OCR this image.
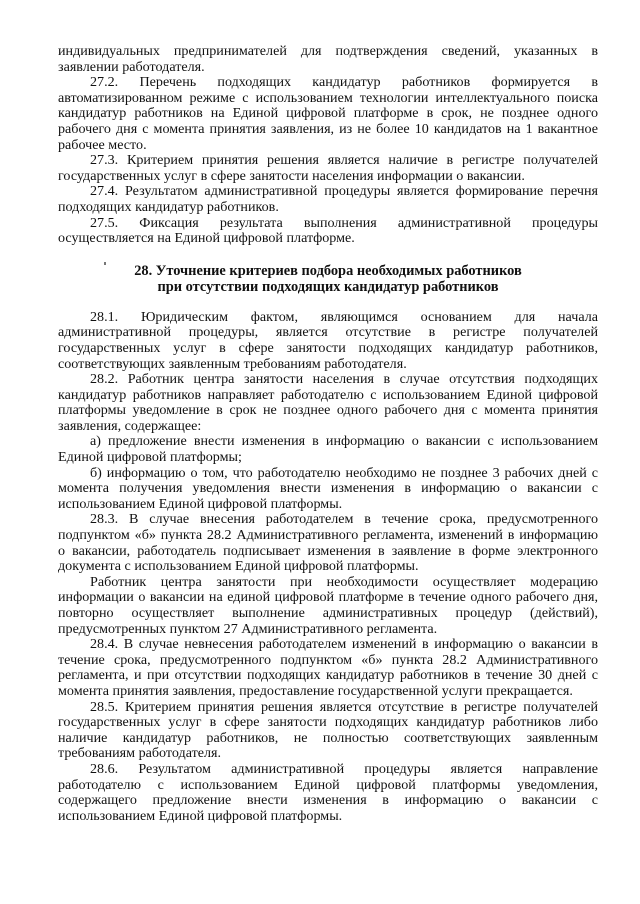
индивидуальных предпринимателей для подтверждения сведений, указанных в заявлении работодателя.

27.2. Перечень подходящих кандидатур работников формируется в автоматизированном режиме с использованием технологии интеллектуального поиска кандидатур работников на Единой цифровой платформе в срок, не позднее одного рабочего дня с момента принятия заявления, из не более 10 кандидатов на 1 вакантное рабочее место.

27.3. Критерием принятия решения является наличие в регистре получателей государственных услуг в сфере занятости населения информации о вакансии.

27.4. Результатом административной процедуры является формирование перечня подходящих кандидатур работников.

27.5. Фиксация результата выполнения административной процедуры осуществляется на Единой цифровой платформе.

28. Уточнение критериев подбора необходимых работников
при отсутствии подходящих кандидатур работников

28.1. Юридическим фактом, являющимся основанием для начала административной процедуры, является отсутствие в регистре получателей государственных услуг в сфере занятости подходящих кандидатур работников, соответствующих заявленным требованиям работодателя.

28.2. Работник центра занятости населения в случае отсутствия подходящих кандидатур работников направляет работодателю с использованием Единой цифровой платформы уведомление в срок не позднее одного рабочего дня с момента принятия заявления, содержащее:

а) предложение внести изменения в информацию о вакансии с использованием Единой цифровой платформы;

б) информацию о том, что работодателю необходимо не позднее 3 рабочих дней с момента получения уведомления внести изменения в информацию о вакансии с использованием Единой цифровой платформы.

28.3. В случае внесения работодателем в течение срока, предусмотренного подпунктом «б» пункта 28.2 Административного регламента, изменений в информацию о вакансии, работодатель подписывает изменения в заявление в форме электронного документа с использованием Единой цифровой платформы.

Работник центра занятости при необходимости осуществляет модерацию информации о вакансии на единой цифровой платформе в течение одного рабочего дня, повторно осуществляет выполнение административных процедур (действий), предусмотренных пунктом 27 Административного регламента.

28.4. В случае невнесения работодателем изменений в информацию о вакансии в течение срока, предусмотренного подпунктом «б» пункта 28.2 Административного регламента, и при отсутствии подходящих кандидатур работников в течение 30 дней с момента принятия заявления, предоставление государственной услуги прекращается.

28.5. Критерием принятия решения является отсутствие в регистре получателей государственных услуг в сфере занятости подходящих кандидатур работников либо наличие кандидатур работников, не полностью соответствующих заявленным требованиям работодателя.

28.6. Результатом административной процедуры является направление работодателю с использованием Единой цифровой платформы уведомления, содержащего предложение внести изменения в информацию о вакансии с использованием Единой цифровой платформы.
